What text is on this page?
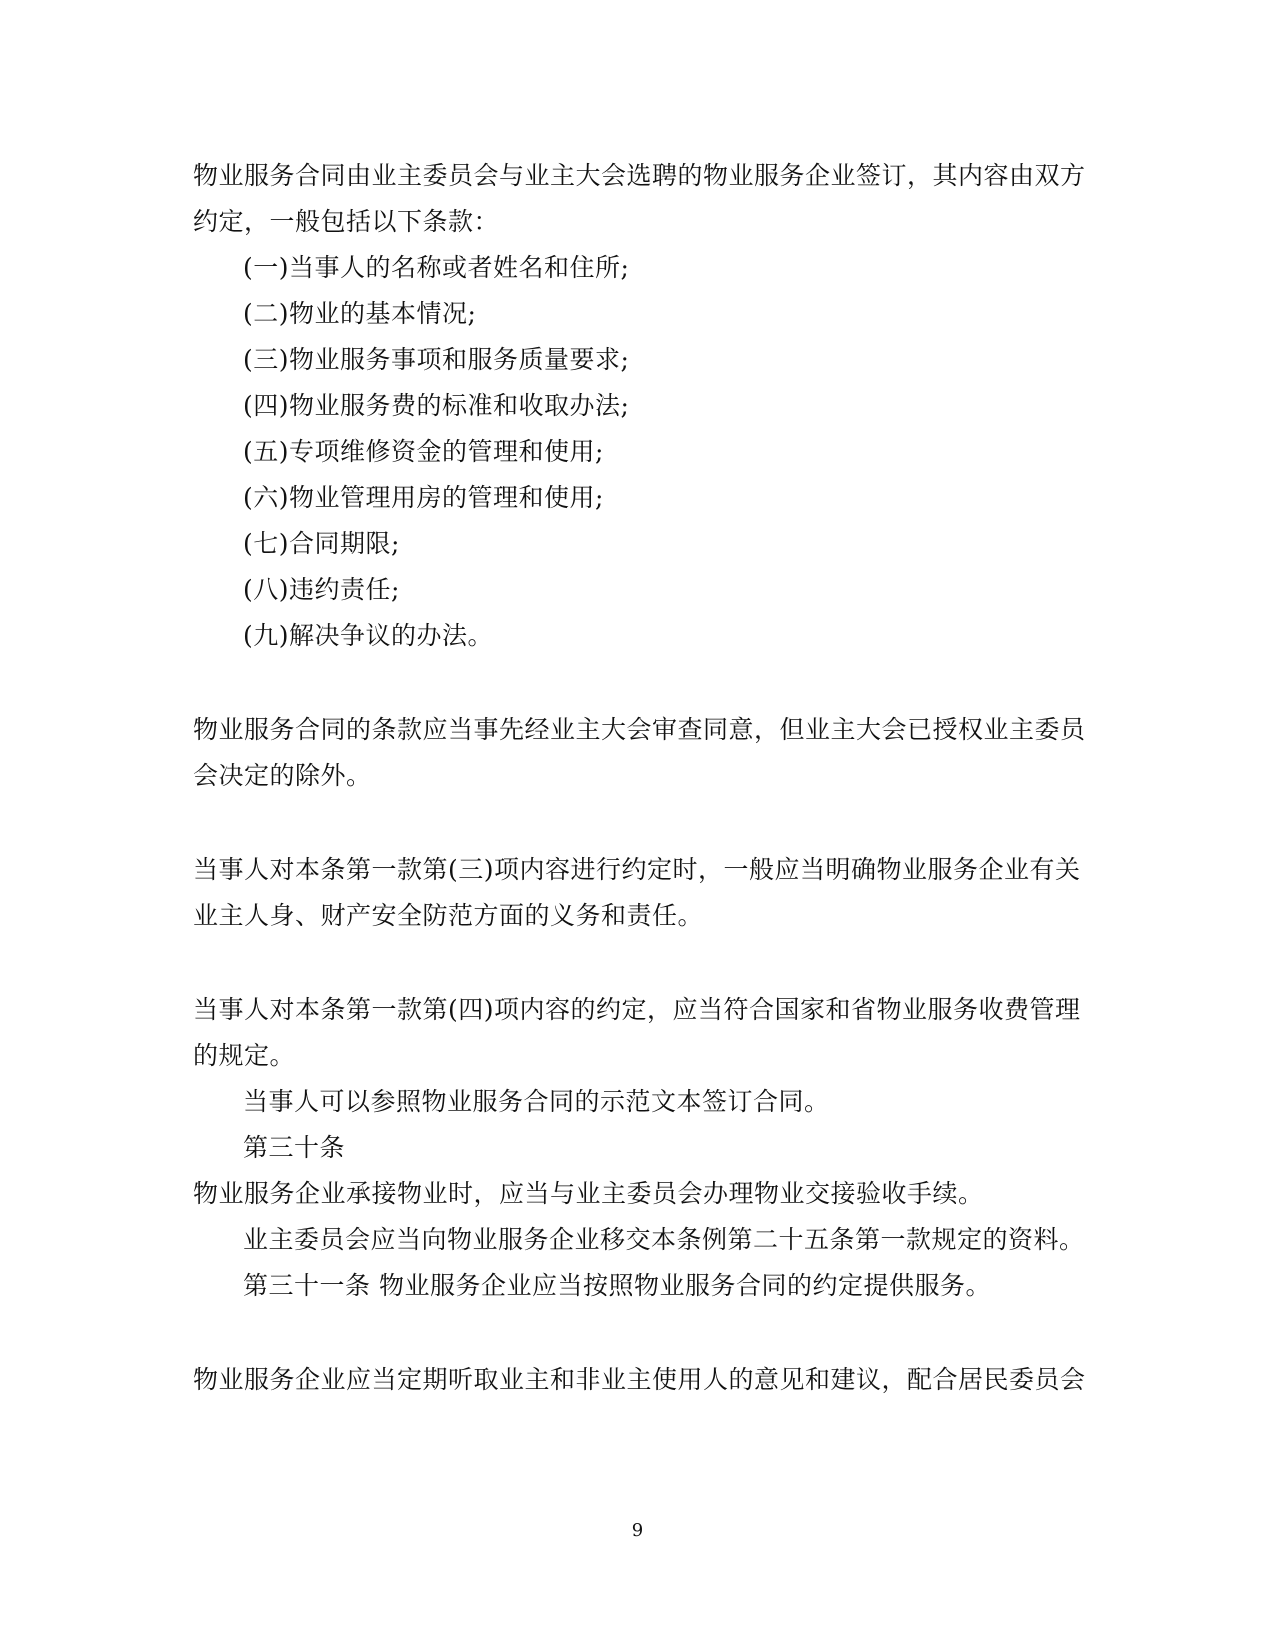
物业服务合同由业主委员会与业主大会选聘的物业服务企业签订，其内容由双方
约定，一般包括以下条款：
(一)当事人的名称或者姓名和住所;
(二)物业的基本情况;
(三)物业服务事项和服务质量要求;
(四)物业服务费的标准和收取办法;
(五)专项维修资金的管理和使用;
(六)物业管理用房的管理和使用;
(七)合同期限;
(八)违约责任;
(九)解决争议的办法。
物业服务合同的条款应当事先经业主大会审查同意，但业主大会已授权业主委员
会决定的除外。
当事人对本条第一款第(三)项内容进行约定时，一般应当明确物业服务企业有关
业主人身、财产安全防范方面的义务和责任。
当事人对本条第一款第(四)项内容的约定，应当符合国家和省物业服务收费管理
的规定。
当事人可以参照物业服务合同的示范文本签订合同。
第三十条
物业服务企业承接物业时，应当与业主委员会办理物业交接验收手续。
业主委员会应当向物业服务企业移交本条例第二十五条第一款规定的资料。
第三十一条 物业服务企业应当按照物业服务合同的约定提供服务。
物业服务企业应当定期听取业主和非业主使用人的意见和建议，配合居民委员会
9
